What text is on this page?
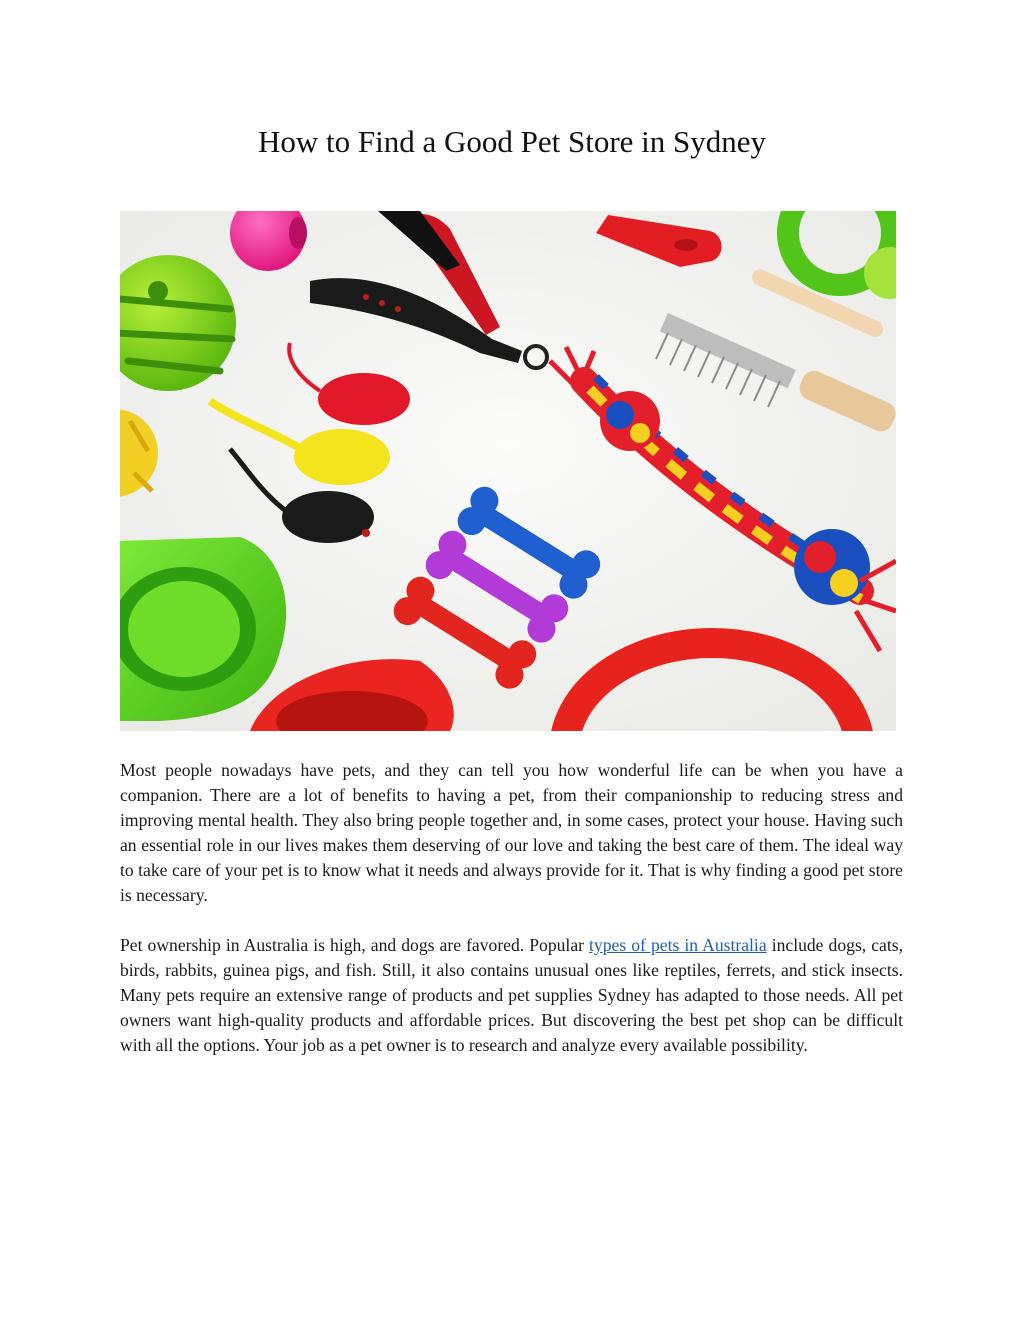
How to Find a Good Pet Store in Sydney

Most people nowadays have pets, and they can tell you how wonderful life can be when you have a companion. There are a lot of benefits to having a pet, from their companionship to reducing stress and improving mental health. They also bring people together and, in some cases, protect your house. Having such an essential role in our lives makes them deserving of our love and taking the best care of them. The ideal way to take care of your pet is to know what it needs and always provide for it. That is why finding a good pet store is necessary.

Pet ownership in Australia is high, and dogs are favored. Popular types of pets in Australia include dogs, cats, birds, rabbits, guinea pigs, and fish. Still, it also contains unusual ones like reptiles, ferrets, and stick insects. Many pets require an extensive range of products and pet supplies Sydney has adapted to those needs. All pet owners want high-quality products and affordable prices. But discovering the best pet shop can be difficult with all the options. Your job as a pet owner is to research and analyze every available possibility.
